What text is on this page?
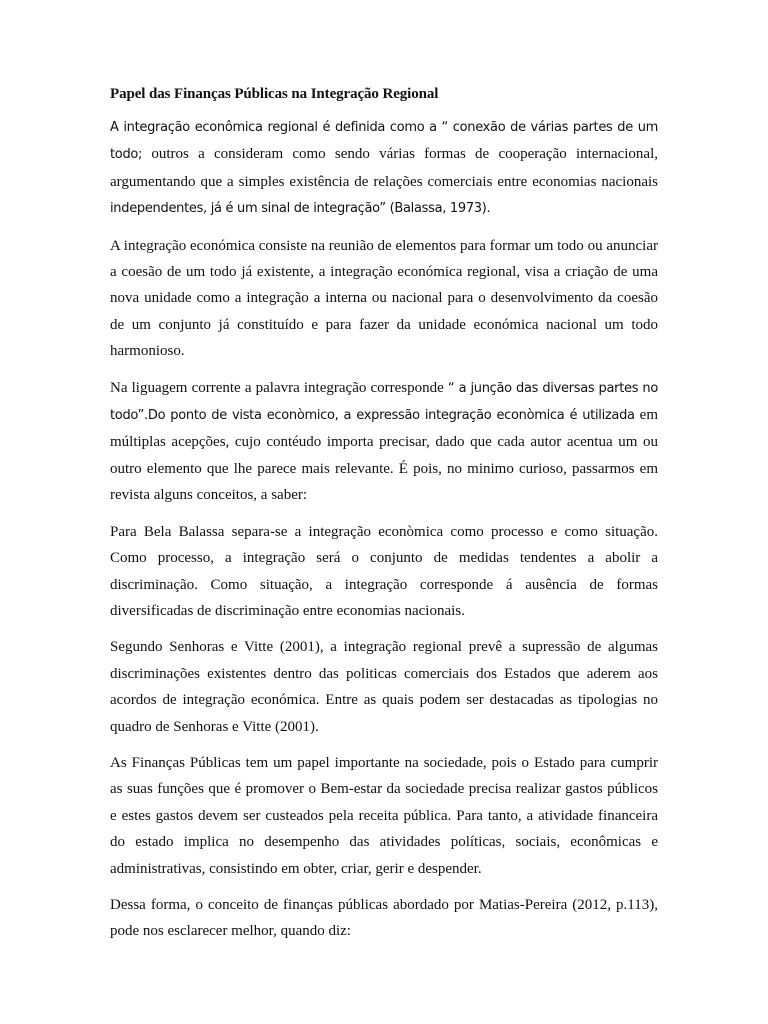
Papel das Finanças Públicas na Integração Regional

A integração econômica regional é definida como a “ conexão de várias partes de um todo; outros a consideram como sendo várias formas de cooperação internacional, argumentando que a simples existência de relações comerciais entre economias nacionais independentes, já é um sinal de integração” (Balassa, 1973).

A integração económica consiste na reunião de elementos para formar um todo ou anunciar a coesão de um todo já existente, a integração económica regional, visa a criação de uma nova unidade como a integração a interna ou nacional para o desenvolvimento da coesão de um conjunto já constituído e para fazer da unidade económica nacional um todo harmonioso.

Na liguagem corrente a palavra integração corresponde “ a junção das diversas partes no todo”.Do ponto de vista econòmico, a expressão integração econòmica é utilizada em múltiplas acepções, cujo contéudo importa precisar, dado que cada autor acentua um ou outro elemento que lhe parece mais relevante. É pois, no minimo curioso, passarmos em revista alguns conceitos, a saber:

Para Bela Balassa separa-se a integração econòmica como processo e como situação. Como processo, a integração será o conjunto de medidas tendentes a abolir a discriminação. Como situação, a integração corresponde á ausência de formas diversificadas de discriminação entre economias nacionais.

Segundo Senhoras e Vitte (2001), a integração regional prevê a supressão de algumas discriminações existentes dentro das politicas comerciais dos Estados que aderem aos acordos de integração económica. Entre as quais podem ser destacadas as tipologias no quadro de Senhoras e Vitte (2001).

As Finanças Públicas tem um papel importante na sociedade, pois o Estado para cumprir as suas funções que é promover o Bem-estar da sociedade precisa realizar gastos públicos e estes gastos devem ser custeados pela receita pública. Para tanto, a atividade financeira do estado implica no desempenho das atividades políticas, sociais, econômicas e administrativas, consistindo em obter, criar, gerir e despender.

Dessa forma, o conceito de finanças públicas abordado por Matias-Pereira (2012, p.113), pode nos esclarecer melhor, quando diz:
